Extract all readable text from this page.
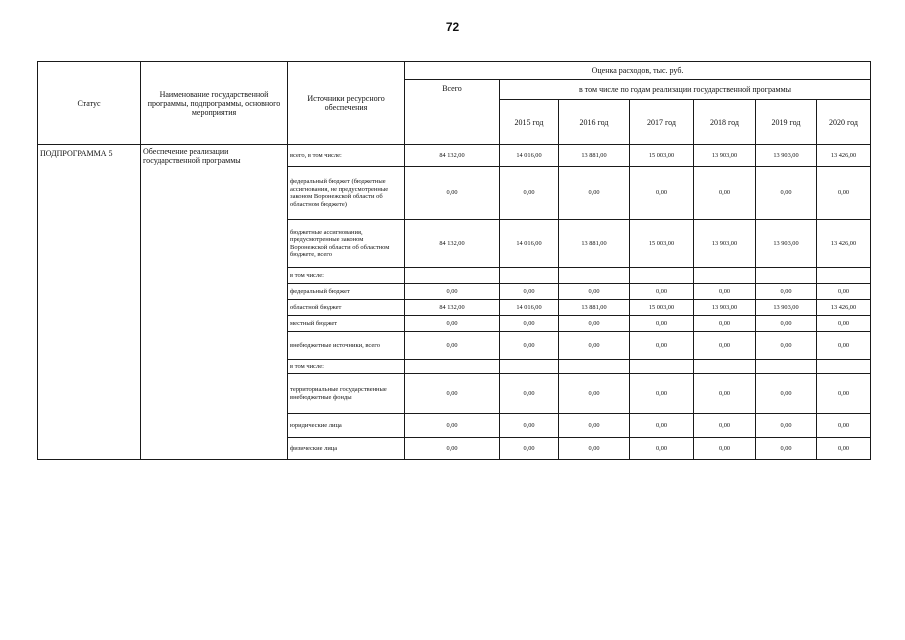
72
Статус	Наименование государственной программы, подпрограммы, основного мероприятия	Источники ресурсного обеспечения	Оценка расходов, тыс. руб.						
			Всего	в том числе по годам реализации государственной программы					
				2015 год	2016 год	2017 год	2018 год	2019 год	2020 год
ПОДПРОГРАММА 5	Обеспечение реализации государственной программы	всего, в том числе:	84 132,00	14 016,00	13 881,00	15 003,00	13 903,00	13 903,00	13 426,00
		федеральный бюджет (бюджетные ассигнования, не предусмотренные законом Воронежской области об областном бюджете)	0,00	0,00	0,00	0,00	0,00	0,00	0,00
		бюджетные ассигнования, предусмотренные законом Воронежской области об областном бюджете, всего	84 132,00	14 016,00	13 881,00	15 003,00	13 903,00	13 903,00	13 426,00
		в том числе:							
		федеральный бюджет	0,00	0,00	0,00	0,00	0,00	0,00	0,00
		областной бюджет	84 132,00	14 016,00	13 881,00	15 003,00	13 903,00	13 903,00	13 426,00
		местный бюджет	0,00	0,00	0,00	0,00	0,00	0,00	0,00
		внебюджетные источники, всего	0,00	0,00	0,00	0,00	0,00	0,00	0,00
		в том числе:							
		территориальные государственные внебюджетные фонды	0,00	0,00	0,00	0,00	0,00	0,00	0,00
		юридические лица	0,00	0,00	0,00	0,00	0,00	0,00	0,00
		физические лица	0,00	0,00	0,00	0,00	0,00	0,00	0,00
